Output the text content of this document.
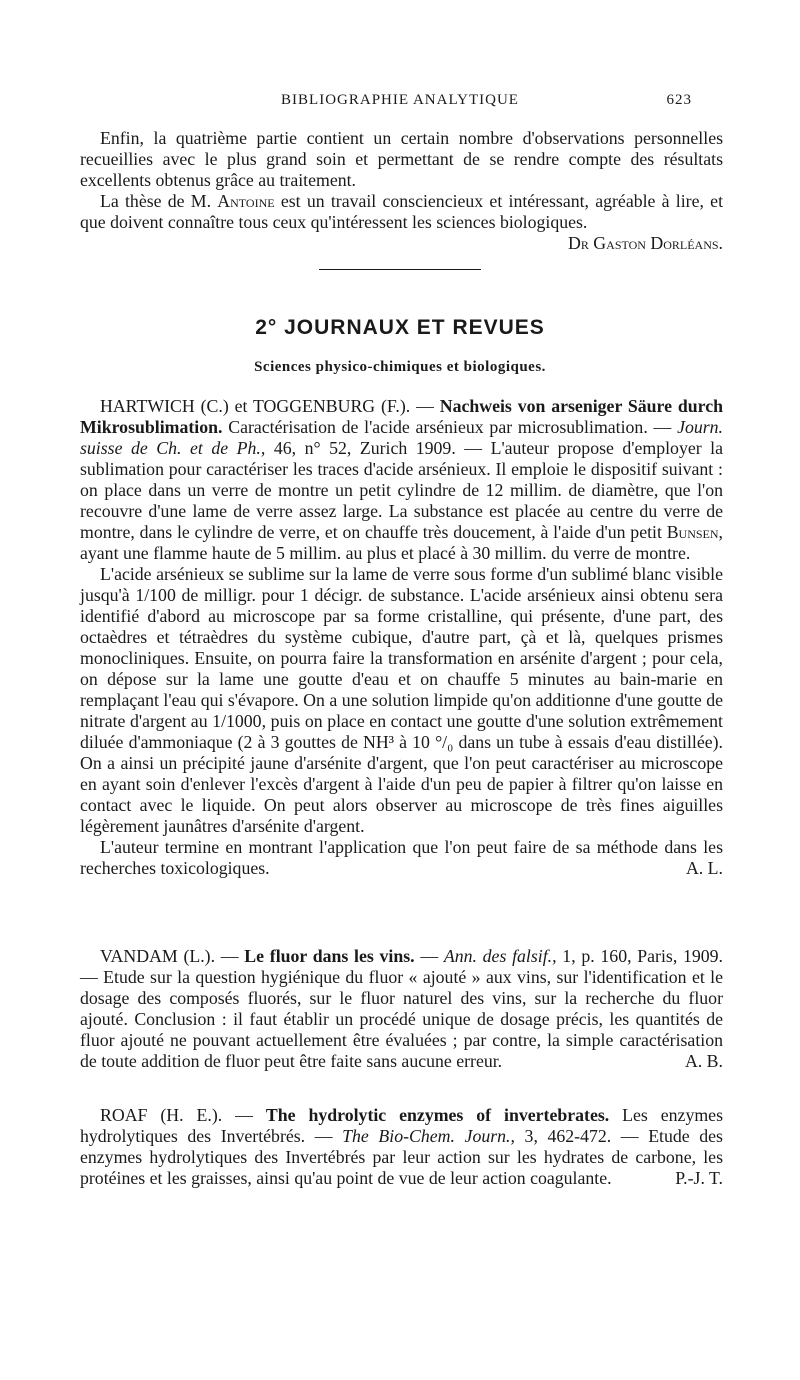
BIBLIOGRAPHIE ANALYTIQUE	623

Enfin, la quatrième partie contient un certain nombre d'observations personnelles recueillies avec le plus grand soin et permettant de se rendre compte des résultats excellents obtenus grâce au traitement.

La thèse de M. Antoine est un travail consciencieux et intéressant, agréable à lire, et que doivent connaître tous ceux qu'intéressent les sciences biologiques.
Dr Gaston Dorléans.

2° JOURNAUX ET REVUES
Sciences physico-chimiques et biologiques.

HARTWICH (C.) et TOGGENBURG (F.). — Nachweis von arseniger Säure durch Mikrosublimation. Caractérisation de l'acide arsénieux par microsublimation. — Journ. suisse de Ch. et de Ph., 46, n° 52, Zurich 1909. — L'auteur propose d'employer la sublimation pour caractériser les traces d'acide arsénieux. Il emploie le dispositif suivant : on place dans un verre de montre un petit cylindre de 12 millim. de diamètre, que l'on recouvre d'une lame de verre assez large. La substance est placée au centre du verre de montre, dans le cylindre de verre, et on chauffe très doucement, à l'aide d'un petit Bunsen, ayant une flamme haute de 5 millim. au plus et placé à 30 millim. du verre de montre.

L'acide arsénieux se sublime sur la lame de verre sous forme d'un sublimé blanc visible jusqu'à 1/100 de milligr. pour 1 décigr. de substance. L'acide arsénieux ainsi obtenu sera identifié d'abord au microscope par sa forme cristalline, qui présente, d'une part, des octaèdres et tétraèdres du système cubique, d'autre part, çà et là, quelques prismes monocliniques. Ensuite, on pourra faire la transformation en arsénite d'argent ; pour cela, on dépose sur la lame une goutte d'eau et on chauffe 5 minutes au bain-marie en remplaçant l'eau qui s'évapore. On a une solution limpide qu'on additionne d'une goutte de nitrate d'argent au 1/1000, puis on place en contact une goutte d'une solution extrêmement diluée d'ammoniaque (2 à 3 gouttes de NH³ à 10 °/₀ dans un tube à essais d'eau distillée). On a ainsi un précipité jaune d'arsénite d'argent, que l'on peut caractériser au microscope en ayant soin d'enlever l'excès d'argent à l'aide d'un peu de papier à filtrer qu'on laisse en contact avec le liquide. On peut alors observer au microscope de très fines aiguilles légèrement jaunâtres d'arsénite d'argent.

L'auteur termine en montrant l'application que l'on peut faire de sa méthode dans les recherches toxicologiques.	A. L.

VANDAM (L.). — Le fluor dans les vins. — Ann. des falsif., 1, p. 160, Paris, 1909. — Etude sur la question hygiénique du fluor « ajouté » aux vins, sur l'identification et le dosage des composés fluorés, sur le fluor naturel des vins, sur la recherche du fluor ajouté. Conclusion : il faut établir un procédé unique de dosage précis, les quantités de fluor ajouté ne pouvant actuellement être évaluées ; par contre, la simple caractérisation de toute addition de fluor peut être faite sans aucune erreur.	A. B.

ROAF (H. E.). — The hydrolytic enzymes of invertebrates. Les enzymes hydrolytiques des Invertébrés. — The Bio-Chem. Journ., 3, 462-472. — Etude des enzymes hydrolytiques des Invertébrés par leur action sur les hydrates de carbone, les protéines et les graisses, ainsi qu'au point de vue de leur action coagulante.	P.-J. T.
